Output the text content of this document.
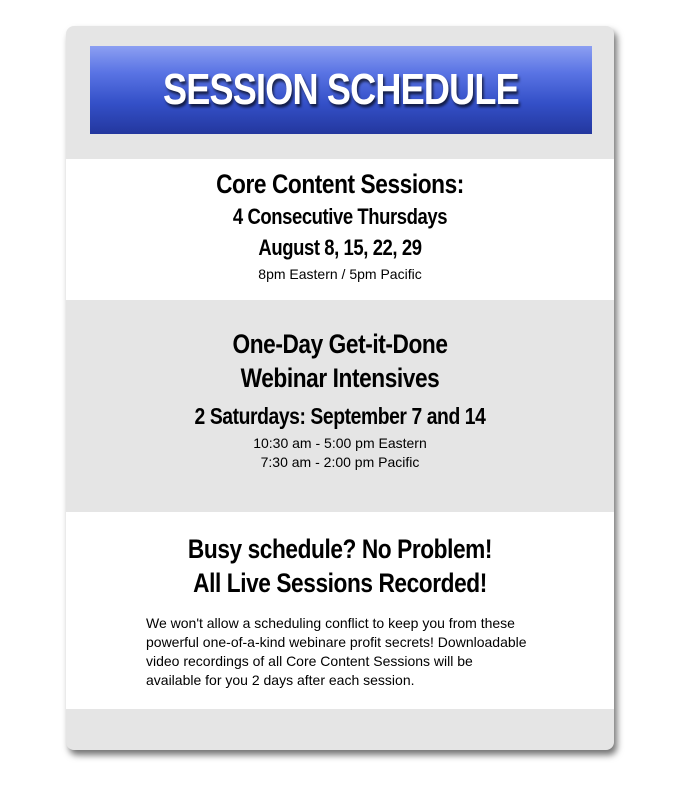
SESSION SCHEDULE
Core Content Sessions:
4 Consecutive Thursdays
August 8, 15, 22, 29
8pm Eastern / 5pm Pacific
One-Day Get-it-Done
Webinar Intensives
2 Saturdays: September 7 and 14
10:30 am - 5:00 pm Eastern
7:30 am - 2:00 pm Pacific
Busy schedule? No Problem!
All Live Sessions Recorded!
We won't allow a scheduling conflict to keep you from these powerful one-of-a-kind webinare profit secrets! Downloadable video recordings of all Core Content Sessions will be available for you 2 days after each session.
